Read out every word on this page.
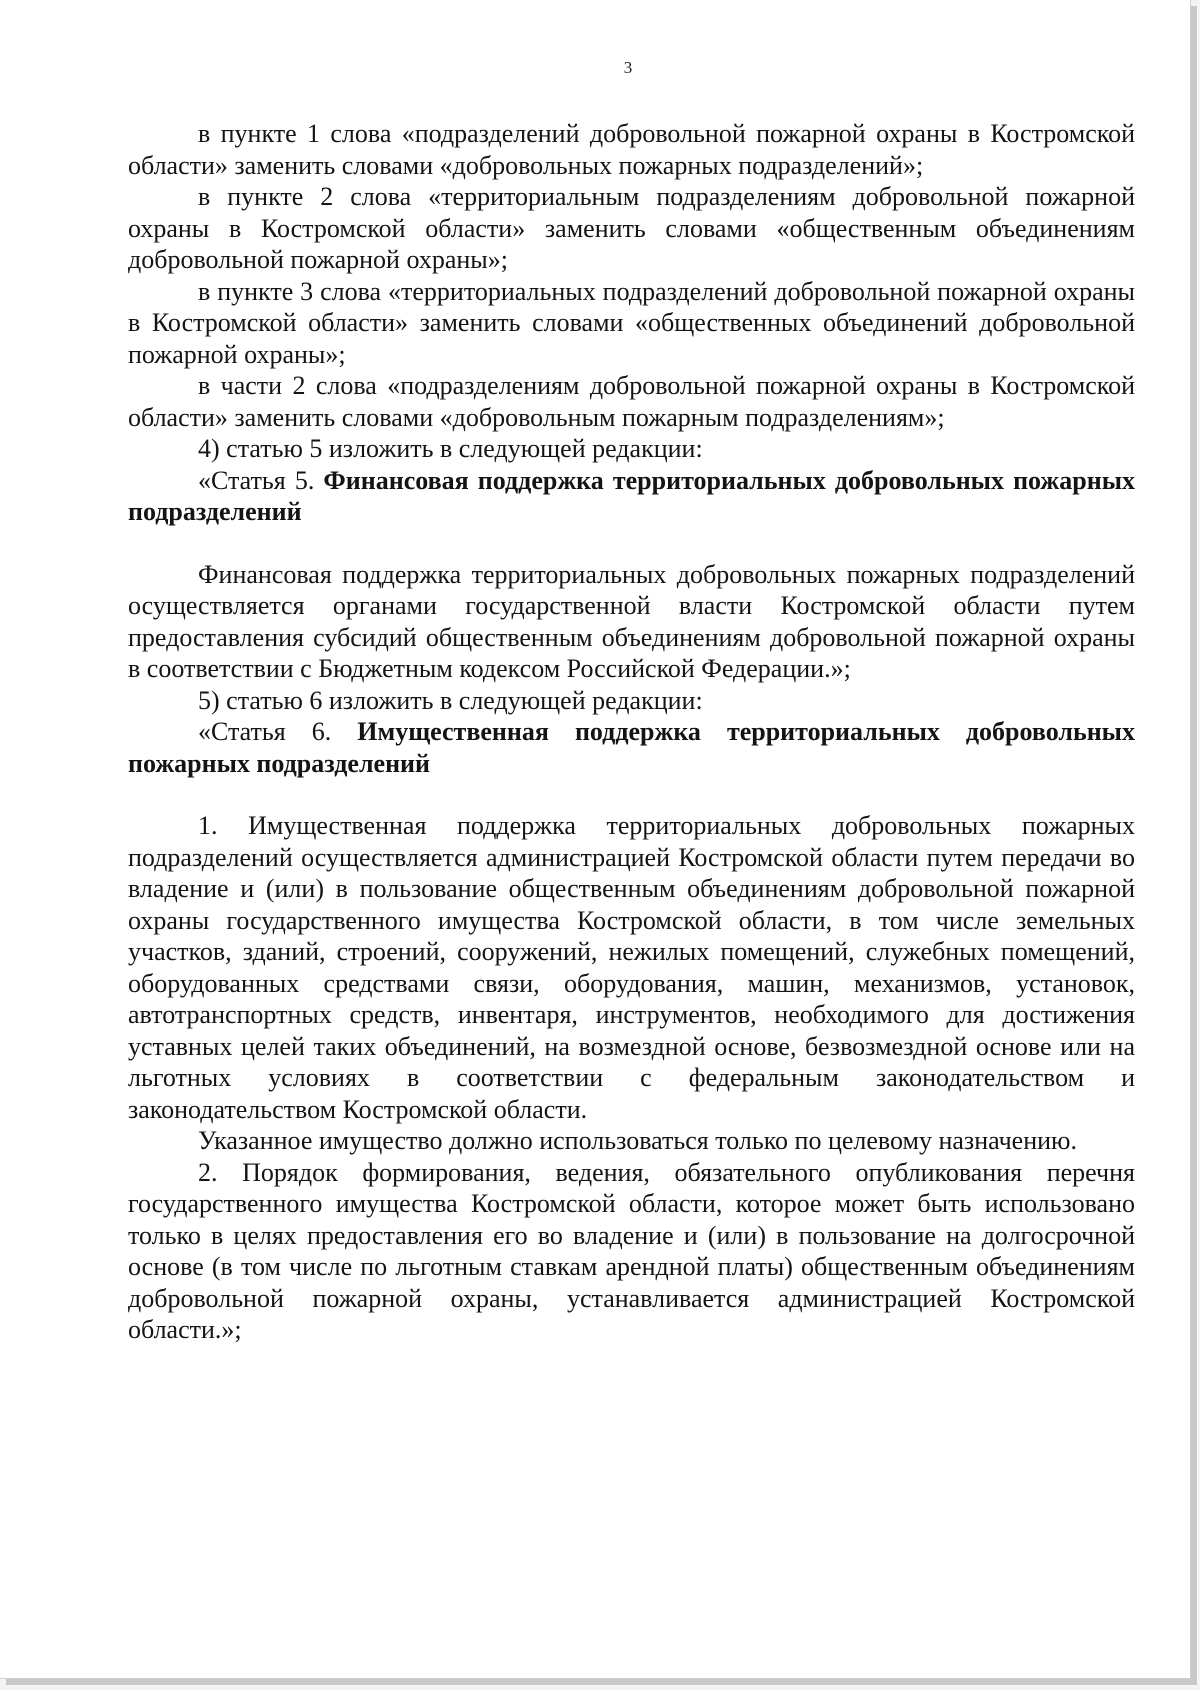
3

в пункте 1 слова «подразделений добровольной пожарной охраны в Костромской области» заменить словами «добровольных пожарных подразделений»;

в пункте 2 слова «территориальным подразделениям добровольной пожарной охраны в Костромской области» заменить словами «общественным объединениям добровольной пожарной охраны»;

в пункте 3 слова «территориальных подразделений добровольной пожарной охраны в Костромской области» заменить словами «общественных объединений добровольной пожарной охраны»;

в части 2 слова «подразделениям добровольной пожарной охраны в Костромской области» заменить словами «добровольным пожарным подразделениям»;

4) статью 5 изложить в следующей редакции:

«Статья 5. Финансовая поддержка территориальных добровольных пожарных подразделений

Финансовая поддержка территориальных добровольных пожарных подразделений осуществляется органами государственной власти Костромской области путем предоставления субсидий общественным объединениям добровольной пожарной охраны в соответствии с Бюджетным кодексом Российской Федерации.»;

5) статью 6 изложить в следующей редакции:

«Статья 6. Имущественная поддержка территориальных добровольных пожарных подразделений

1. Имущественная поддержка территориальных добровольных пожарных подразделений осуществляется администрацией Костромской области путем передачи во владение и (или) в пользование общественным объединениям добровольной пожарной охраны государственного имущества Костромской области, в том числе земельных участков, зданий, строений, сооружений, нежилых помещений, служебных помещений, оборудованных средствами связи, оборудования, машин, механизмов, установок, автотранспортных средств, инвентаря, инструментов, необходимого для достижения уставных целей таких объединений, на возмездной основе, безвозмездной основе или на льготных условиях в соответствии с федеральным законодательством и законодательством Костромской области.

Указанное имущество должно использоваться только по целевому назначению.

2. Порядок формирования, ведения, обязательного опубликования перечня государственного имущества Костромской области, которое может быть использовано только в целях предоставления его во владение и (или) в пользование на долгосрочной основе (в том числе по льготным ставкам арендной платы) общественным объединениям добровольной пожарной охраны, устанавливается администрацией Костромской области.»;
